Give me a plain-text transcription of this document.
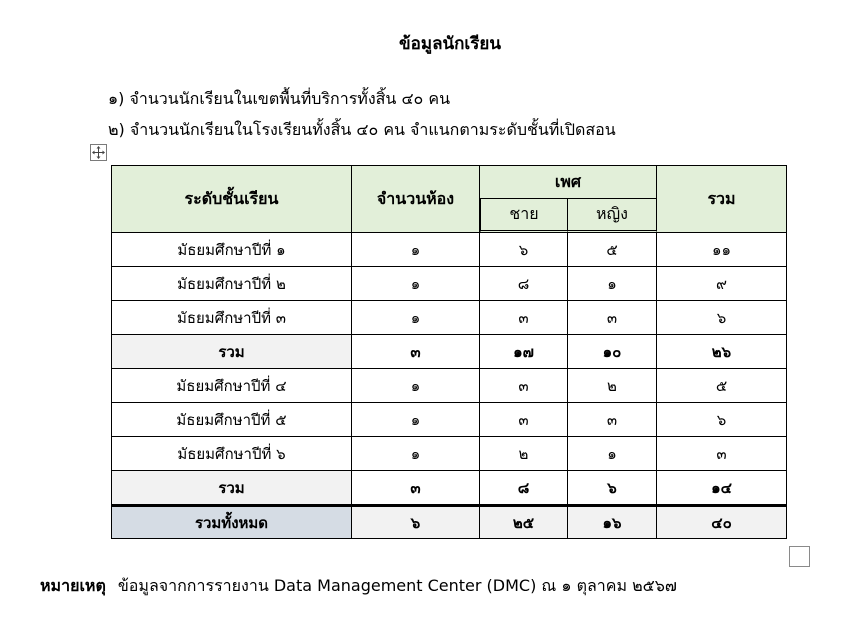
ข้อมูลนักเรียน
๑) จำนวนนักเรียนในเขตพื้นที่บริการทั้งสิ้น ๔๐ คน
๒) จำนวนนักเรียนในโรงเรียนทั้งสิ้น ๔๐ คน จำแนกตามระดับชั้นที่เปิดสอน
ระดับชั้นเรียน	จำนวนห้อง	เพศ		รวม
		ชาย	หญิง	
มัธยมศึกษาปีที่ ๑	๑	๖	๕	๑๑
มัธยมศึกษาปีที่ ๒	๑	๘	๑	๙
มัธยมศึกษาปีที่ ๓	๑	๓	๓	๖
รวม	๓	๑๗	๑๐	๒๖
มัธยมศึกษาปีที่ ๔	๑	๓	๒	๕
มัธยมศึกษาปีที่ ๕	๑	๓	๓	๖
มัธยมศึกษาปีที่ ๖	๑	๒	๑	๓
รวม	๓	๘	๖	๑๔
รวมทั้งหมด	๖	๒๕	๑๖	๔๐
หมายเหตุ ข้อมูลจากการรายงาน Data Management Center (DMC) ณ ๑ ตุลาคม ๒๕๖๗
